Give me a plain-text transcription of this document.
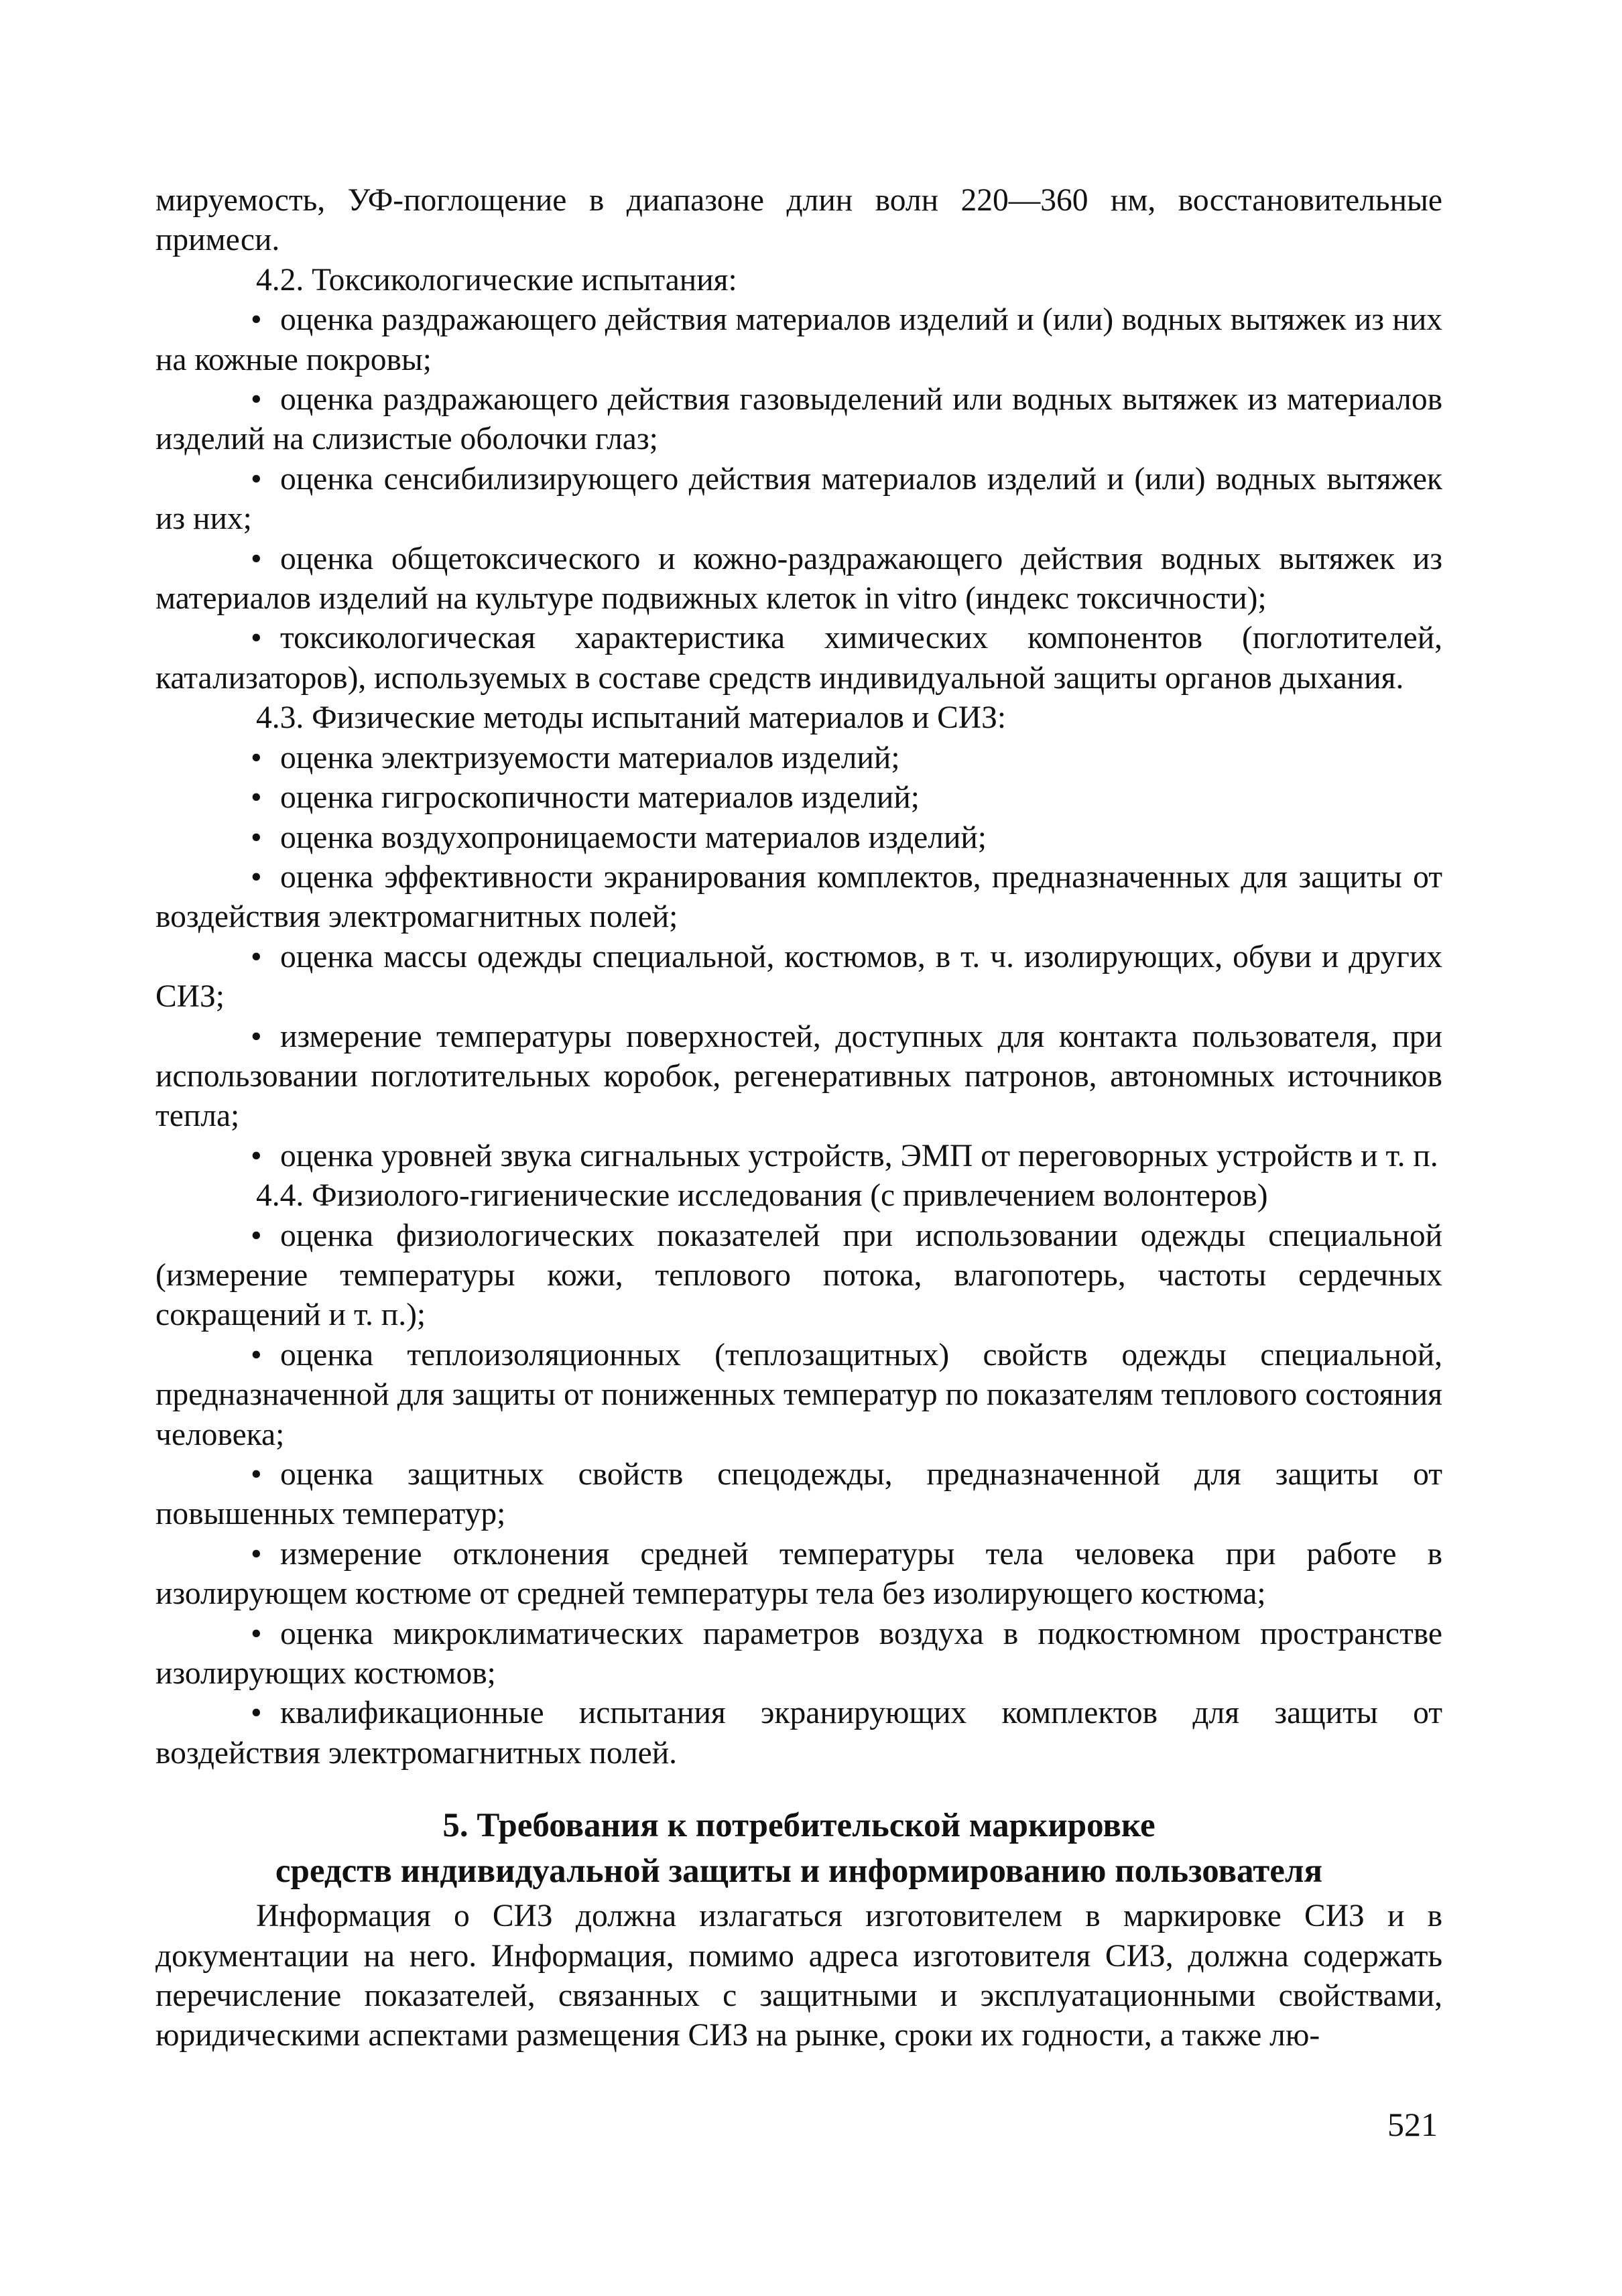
мируемость, УФ-поглощение в диапазоне длин волн 220—360 нм, восстановительные примеси.

4.2. Токсикологические испытания:

• оценка раздражающего действия материалов изделий и (или) водных вытяжек из них на кожные покровы;

• оценка раздражающего действия газовыделений или водных вытяжек из материалов изделий на слизистые оболочки глаз;

• оценка сенсибилизирующего действия материалов изделий и (или) водных вытяжек из них;

• оценка общетоксического и кожно-раздражающего действия водных вытяжек из материалов изделий на культуре подвижных клеток in vitro (индекс токсичности);

• токсикологическая характеристика химических компонентов (поглотителей, катализаторов), используемых в составе средств индивидуальной защиты органов дыхания.

4.3. Физические методы испытаний материалов и СИЗ:

• оценка электризуемости материалов изделий;

• оценка гигроскопичности материалов изделий;

• оценка воздухопроницаемости материалов изделий;

• оценка эффективности экранирования комплектов, предназначенных для защиты от воздействия электромагнитных полей;

• оценка массы одежды специальной, костюмов, в т. ч. изолирующих, обуви и других СИЗ;

• измерение температуры поверхностей, доступных для контакта пользователя, при использовании поглотительных коробок, регенеративных патронов, автономных источников тепла;

• оценка уровней звука сигнальных устройств, ЭМП от переговорных устройств и т. п.

4.4. Физиолого-гигиенические исследования (с привлечением волонтеров)

• оценка физиологических показателей при использовании одежды специальной (измерение температуры кожи, теплового потока, влагопотерь, частоты сердечных сокращений и т. п.);

• оценка теплоизоляционных (теплозащитных) свойств одежды специальной, предназначенной для защиты от пониженных температур по показателям теплового состояния человека;

• оценка защитных свойств спецодежды, предназначенной для защиты от повышенных температур;

• измерение отклонения средней температуры тела человека при работе в изолирующем костюме от средней температуры тела без изолирующего костюма;

• оценка микроклиматических параметров воздуха в подкостюмном пространстве изолирующих костюмов;

• квалификационные испытания экранирующих комплектов для защиты от воздействия электромагнитных полей.

5. Требования к потребительской маркировке

средств индивидуальной защиты и информированию пользователя

Информация о СИЗ должна излагаться изготовителем в маркировке СИЗ и в документации на него. Информация, помимо адреса изготовителя СИЗ, должна содержать перечисление показателей, связанных с защитными и эксплуатационными свойствами, юридическими аспектами размещения СИЗ на рынке, сроки их годности, а также лю-

521
